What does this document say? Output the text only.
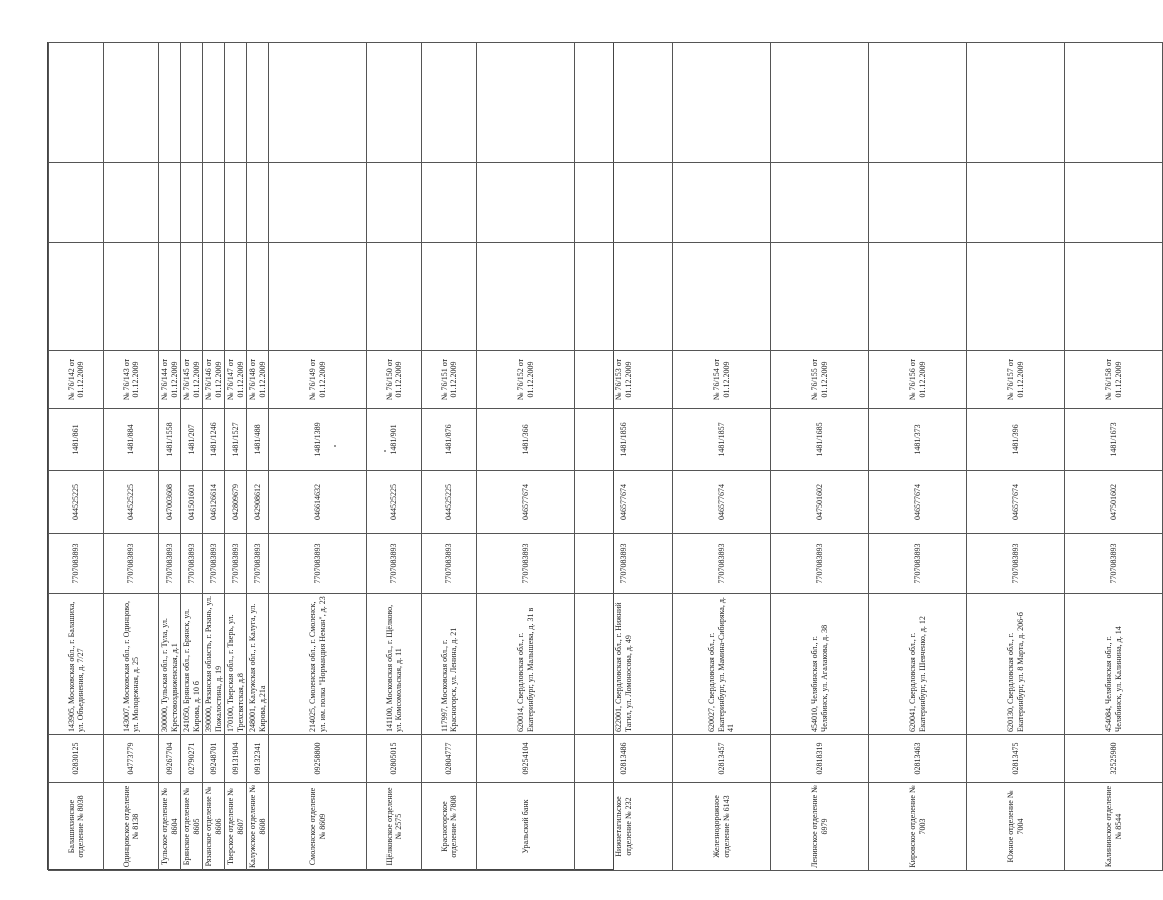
Балашихинское отделение № 8038	02830125	143905, Московская обл., г. Балашиха, ул. Объединения, д. 7/27	7707083893	044525225	1481/861	№ 76/142 от 01.12.2009			
Одинцовское отделение № 8138	04773779	143007, Московская обл., г. Одинцово, ул. Молодежная, д. 25	7707083893	044525225	1481/884	№ 76/143 от 01.12.2009			
Тульское отделение № 8604	09267704	300000, Тульская обл., г. Тула, ул. Крестовоздвиженская, д.1	7707083893	047003608	1481/1558	№ 76/144 от 01.12.2009			
Брянское отделение № 8605	02790271	241050, Брянская обл., г. Брянск, ул. Кирова, д. 10 б	7707083893	041501601	1481/207	№ 76/145 от 01.12.2009			
Рязанское отделение № 8606	09248701	390000, Рязанская область, г. Рязань, ул. Пожалостина, д. 19	7707083893	046126614	1481/1246	№ 76/146 от 01.12.2009			
Тверское отделение № 8607	09131904	170100, Тверская обл., г. Тверь, ул. Трехсвятская, д.8	7707083893	042809679	1481/1527	№ 76/147 от 01.12.2009			
Калужское отделение № 8608	09132341	248001, Калужская обл., г. Калуга, ул. Кирова, д.21а	7707083893	042908612	1481/488	№ 76/148 от 01.12.2009			
Смоленское отделение № 8609	09258800	214025, Смоленская обл., г. Смоленск, ул. им. полка "Нормандия Неман", д. 23	7707083893	046614632	1481/1389	№ 76/149 от 01.12.2009			
Щёлковское отделение № 2575	02805015	141100, Московская обл., г. Щёлково, ул. Комсомольская, д. 11	7707083893	044525225	1481/901	№ 76/150 от 01.12.2009			
Красногорское отделение № 7808	02804777	117997, Московская обл., г. Красногорск, ул. Ленина, д. 21	7707083893	044525225	1481/876	№ 76/151 от 01.12.2009			
Уральский банк	09254104	620014, Свердловская обл., г. Екатеринбург, ул. Малышева, д. 31 в	7707083893	046577674	1481/366	№ 76/152 от 01.12.2009			
Нижнетагильское отделение № 232	02813486	622001, Свердловская обл., г. Нижний Тагил, ул. Ломоносова, д. 49	7707083893	046577674	1481/1856	№ 76/153 от 01.12.2009			
Железнодорожное отделение № 6143	02813457	620027, Свердловская обл., г. Екатеринбург, ул. Мамина-Сибиряка, д. 41	7707083893	046577674	1481/1857	№ 76/154 от 01.12.2009			
Ленинское отделение № 6979	02818319	454010, Челябинская обл., г. Челябинск, ул. Агалакова, д. 38	7707083893	047501602	1481/1685	№ 76/155 от 01.12.2009			
Кировское отделение № 7003	02813463	620041, Свердловская обл., г. Екатеринбург, ул. Шевченко, д. 12	7707083893	046577674	1481/373	№ 76/156 от 01.12.2009			
Южное отделение № 7004	02813475	620130, Свердловская обл., г. Екатеринбург, ул. 8 Марта, д. 206-б	7707083893	046577674	1481/396	№ 76/157 от 01.12.2009			
Калининское отделение № 8544	32525980	454084, Челябинская обл., г. Челябинск, ул. Калинина, д. 14	7707083893	047501602	1481/1673	№ 76/158 от 01.12.2009			
